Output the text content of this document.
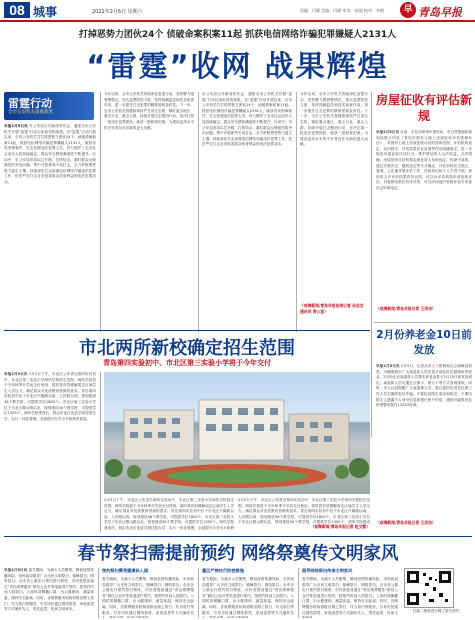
08 城事	2021年2月6日 星期六	责编：闫雁 美编：闫雁 审读：赵刚 校对：李朝	早 青岛早报
打掉恶势力团伙24个 侦破命案积案11起 抓获电信网络诈骗犯罪嫌疑人2131人
“雷霆”收网 战果辉煌
雷霆行动
全市公安机关雷霆战果
早报2月5日讯 市公安局召开新闻发布会，通报全市公安机关开展“雷霆”行动以来取得的战果。自“雷霆”行动开展以来，全市公安机关共打掉恶势力团伙24个，侦破命案积案11起，抓获电信网络诈骗犯罪嫌疑人2131人，破获各类刑事案件，打击处理违法犯罪人员，有力维护了全市社会治安大局持续稳定，群众安全感和满意度不断提升。行动中，市公安局坚持以打开路、打防结合，紧盯群众反映强烈的突出问题，集中开展系列专项打击，全力铲除黑恶势力滋生土壤，持续深化打击治理电信网络诈骗违法犯罪工作，依法严厉打击各类侵害群众切身利益的违法犯罪活动。
今年以来，全市公安机关持续深化雷霆行动，坚持警力跟着警情走，加大巡逻防控力度，发挥视频监控和技术侦查作用，进一步提升打击犯罪的精准度和及时性。下一步，全市公安机关将继续保持严打高压态势，紧盯重点地区、重点行业、重点人群，持续开展打击整治行动，坚决打掉一批违法犯罪团伙，破获一批积案旧案，为建设更高水平的平安青岛作出新的更大贡献。
市公安局召开新闻发布会，通报全市公安机关开展“雷霆”行动以来取得的战果。自“雷霆”行动开展以来，全市公安机关共打掉恶势力团伙24个，侦破命案积案11起，抓获电信网络诈骗犯罪嫌疑人2131人，破获各类刑事案件，打击处理违法犯罪人员，有力维护了全市社会治安大局持续稳定，群众安全感和满意度不断提升。行动中，市公安局坚持以打开路、打防结合，紧盯群众反映强烈的突出问题，集中开展系列专项打击，全力铲除黑恶势力滋生土壤，持续深化打击治理电信网络诈骗违法犯罪工作，依法严厉打击各类侵害群众切身利益的违法犯罪活动。
今年以来，全市公安机关持续深化雷霆行动，坚持警力跟着警情走，加大巡逻防控力度，发挥视频监控和技术侦查作用，进一步提升打击犯罪的精准度和及时性。下一步，全市公安机关将继续保持严打高压态势，紧盯重点地区、重点行业、重点人群，持续开展打击整治行动，坚决打掉一批违法犯罪团伙，破获一批积案旧案，为建设更高水平的平安青岛作出新的更大贡献。
（观海新闻/青岛早报首席记者 孙启龙 通讯员 青公宣）
房屋征收有评估新规
早报2月5日讯 日前，市住房和城乡建设局、市自然资源和规划局联合印发《青岛市国有土地上房屋征收评估管理办法》，对国有土地上房屋征收评估的适用范围、评估机构选定、评估程序、评估结果异议处理等作出明确规定，进一步规范房屋征收评估行为，维护被征收人合法权益。办法明确，房屋征收评估机构由被征收人协商选定，协商不成的，通过多数决定、随机选定等方式确定。评估机构应当独立、客观、公正地开展评估工作，任何单位和个人不得干预。被征收人对评估结果有异议的，可以向评估机构申请复核评估，对复核结果仍有异议的，可以向房地产价格评估专家委员会申请鉴定。
（观海新闻/青岛早报记者 王沭洁）
市北两所新校确定招生范围
青岛第四实验初中、市北区第三实验小学将于今年交付
早报2月5日讯 2月5日下午，市北区公布青岛第四实验初中、市北区第三实验小学两所学校招生范围。两所学校将于今年秋季开学前交付使用，届时将有效缓解周边区域学生入学压力，满足群众对优质教育资源的需求。青岛第四实验初中位于市北区兴隆路以南、人民路以西，规划建设36个教学班，可提供学位1800个。市北区第三实验小学位于市北区鞍山路以北，规划建设30个教学班，可提供学位1350个。两所学校建成后，将由市北区优质学校托管办学，实行一体化管理，全面提升办学水平和教育质量。
2月5日下午，市北区公布青岛第四实验初中、市北区第三实验小学两所学校招生范围。两所学校将于今年秋季开学前交付使用，届时将有效缓解周边区域学生入学压力，满足群众对优质教育资源的需求。青岛第四实验初中位于市北区兴隆路以南、人民路以西，规划建设36个教学班，可提供学位1800个。市北区第三实验小学位于市北区鞍山路以北，规划建设30个教学班，可提供学位1350个。两所学校建成后，将由市北区优质学校托管办学，实行一体化管理，全面提升办学水平和教
2月5日下午，市北区公布青岛第四实验初中、市北区第三实验小学两所学校招生范围。两所学校将于今年秋季开学前交付使用，届时将有效缓解周边区域学生入学压力，满足群众对优质教育资源的需求。青岛第四实验初中位于市北区兴隆路以南、人民路以西，规划建设36个教学班，可提供学位1800个。市北区第三实验小学位于市北区鞍山路以北，规划建设30个教学班，可提供学位1350个。两所学校建成
（观海新闻/青岛早报记者 赵文敏）
2月份养老金10日前发放
早报2月5日讯 2月5日，记者从市人力资源和社会保障局获悉，为确保我市广大离退休人员在春节前及时足额领取养老金，2月份企业离退休人员基本养老金将于2月10日前发放到位。离退休人员可通过社保卡、银行卡等方式查询领取。同时，市人社局提醒广大离退休人员，要注意防范冒充社保工作人员实施的电信诈骗，不要轻信陌生电话和短信，不要向陌生人透露个人身份信息和银行账户信息，遇到可疑情况及时报警或拨打12333咨询。
（观海新闻/青岛早报记者 王沭洁）
春节祭扫需提前预约 网络祭奠传文明家风
早报2月5日讯 春节期间，为减少人员聚集，降低疫情传播风险，市民政局倡导广大市民文明祭扫、错峰祭扫、网络祭扫。全市各公墓实行预约祭扫制度，市民需提前通过“青岛殡葬服务”微信公众号等渠道进行预约，按预约时间入园祭扫。入园时须佩戴口罩、出示健康码、测量体温，保持安全距离。同时，各殡葬服务机构将推出网上祭扫、代为祭扫等服务，引导市民通过网络祭奠、家庭追思等方式缅怀先人，寄托哀思，传承文明家风。
预约祭扫需凭健康码入园
春节期间，为减少人员聚集，降低疫情传播风险，市民政局倡导广大市民文明祭扫、错峰祭扫、网络祭扫。全市各公墓实行预约祭扫制度，市民需提前通过“青岛殡葬服务”微信公众号等渠道进行预约，按预约时间入园祭扫。入园时须佩戴口罩、出示健康码、测量体温，保持安全距离。同时，各殡葬服务机构将推出网上祭扫、代为祭扫等服务，引导市民通过网络祭奠、家庭追思等方式缅怀先
墓区严格执行防控措施
春节期间，为减少人员聚集，降低疫情传播风险，市民政局倡导广大市民文明祭扫、错峰祭扫、网络祭扫。全市各公墓实行预约祭扫制度，市民需提前通过“青岛殡葬服务”微信公众号等渠道进行预约，按预约时间入园祭扫。入园时须佩戴口罩、出示健康码、测量体温，保持安全距离。同时，各殡葬服务机构将推出网上祭扫、代为祭扫等服务，引导市民通过网络祭奠、家庭追思等方式缅怀先
倡导网络祭扫传承文明家风
春节期间，为减少人员聚集，降低疫情传播风险，市民政局倡导广大市民文明祭扫、错峰祭扫、网络祭扫。全市各公墓实行预约祭扫制度，市民需提前通过“青岛殡葬服务”微信公众号等渠道进行预约，按预约时间入园祭扫。入园时须佩戴口罩、出示健康码、测量体温，保持安全距离。同时，各殡葬服务机构将推出网上祭扫、代为祭扫等服务，引导市民通过网络祭奠、家庭追思等方式缅怀先人，寄托哀思，传承文	扫描二维码进行网上祭扫预约
